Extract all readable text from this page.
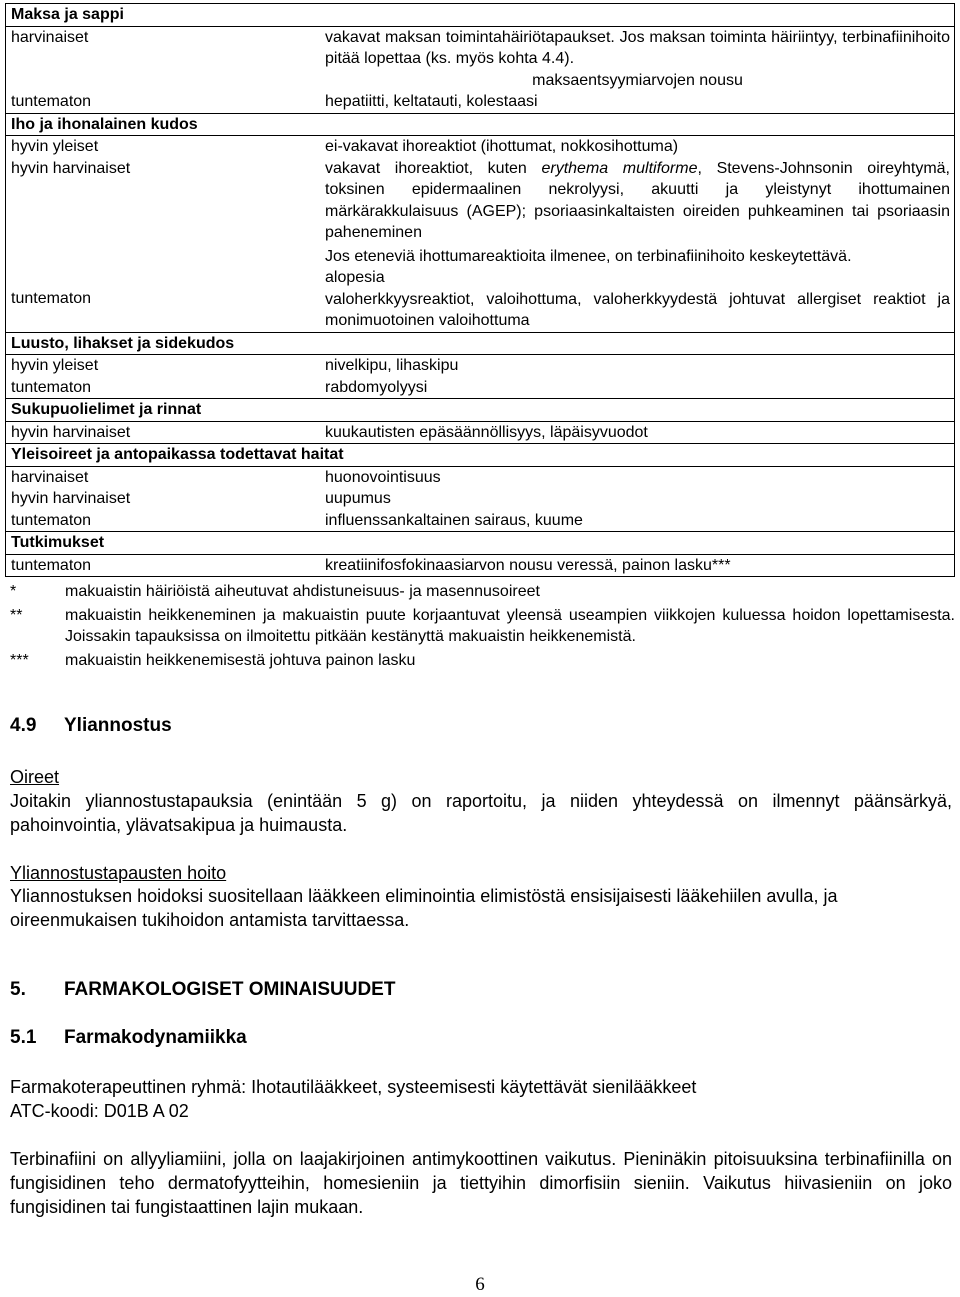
Maksa ja sappi	
harvinaiset	vakavat maksan toimintahäiriötapaukset. Jos maksan toiminta häiriintyy, terbinafiinihoito pitää lopettaa (ks. myös kohta 4.4).
tuntematon	maksaentsyymiarvojen nousu
hepatiitti, keltatauti, kolestaasi

Iho ja ihonalainen kudos	
hyvin yleiset	ei-vakavat ihoreaktiot (ihottumat, nokkosihottuma)
hyvin harvinaiset	vakavat ihoreaktiot, kuten erythema multiforme, Stevens-Johnsonin oireyhtymä, toksinen epidermaalinen nekrolyysi, akuutti ja yleistynyt ihottumainen märkärakkulaisuus (AGEP); psoriaasinkaltaisten oireiden puhkeaminen tai psoriaasin paheneminen
Jos eteneviä ihottumareaktioita ilmenee, on terbinafiinihoito keskeytettävä.

tuntematon	alopesia
valoherkkyysreaktiot, valoihottuma, valoherkkyydestä johtuvat allergiset reaktiot ja monimuotoinen valoihottuma

Luusto, lihakset ja sidekudos	
hyvin yleiset	nivelkipu, lihaskipu
tuntematon	rabdomyolyysi
Sukupuolielimet ja rinnat	
hyvin harvinaiset	kuukautisten epäsäännöllisyys, läpäisyvuodot
Yleisoireet ja antopaikassa todettavat haitat	
harvinaiset	huonovointisuus
hyvin harvinaiset	uupumus
tuntematon	influenssankaltainen sairaus, kuume
Tutkimukset	
tuntematon	kreatiinifosfokinaasiarvon nousu veressä, painon lasku***
*	makuaistin häiriöistä aiheutuvat ahdistuneisuus- ja masennusoireet
**	makuaistin heikkeneminen ja makuaistin puute korjaantuvat yleensä useampien viikkojen kuluessa hoidon lopettamisesta. Joissakin tapauksissa on ilmoitettu pitkään kestänyttä makuaistin heikkenemistä.
***	makuaistin heikkenemisestä johtuva painon lasku
4.9 Yliannostus
Oireet
Joitakin yliannostustapauksia (enintään 5 g) on raportoitu, ja niiden yhteydessä on ilmennyt päänsärkyä, pahoinvointia, ylävatsakipua ja huimausta.
Yliannostustapausten hoito
Yliannostuksen hoidoksi suositellaan lääkkeen eliminointia elimistöstä ensisijaisesti lääkehiilen avulla, ja oireenmukaisen tukihoidon antamista tarvittaessa.
5. FARMAKOLOGISET OMINAISUUDET
5.1 Farmakodynamiikka
Farmakoterapeuttinen ryhmä: Ihotautilääkkeet, systeemisesti käytettävät sienilääkkeet
ATC-koodi: D01B A 02
Terbinafiini on allyyliamiini, jolla on laajakirjoinen antimykoottinen vaikutus. Pieninäkin pitoisuuksina terbinafiinilla on fungisidinen teho dermatofyytteihin, homesieniin ja tiettyihin dimorfisiin sieniin. Vaikutus hiivasieniin on joko fungisidinen tai fungistaattinen lajin mukaan.
6
